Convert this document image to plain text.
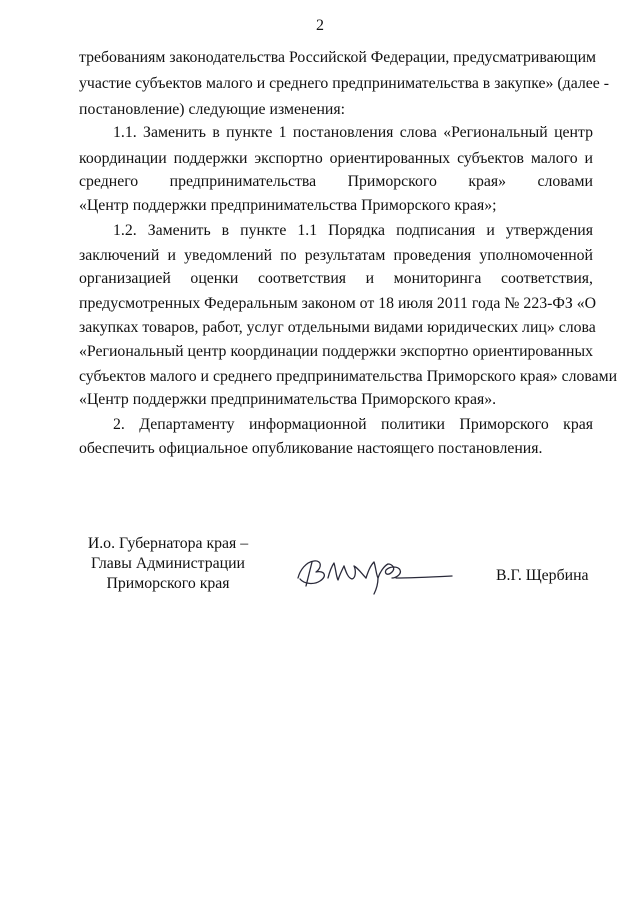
2
требованиям законодательства Российской Федерации, предусматривающим
участие субъектов малого и среднего предпринимательства в закупке» (далее -
постановление) следующие изменения:
1.1. Заменить в пункте 1 постановления слова «Региональный центр
координации поддержки экспортно ориентированных субъектов малого и
среднего предпринимательства Приморского края» словами
«Центр поддержки предпринимательства Приморского края»;
1.2. Заменить в пункте 1.1 Порядка подписания и утверждения
заключений и уведомлений по результатам проведения уполномоченной
организацией оценки соответствия и мониторинга соответствия,
предусмотренных Федеральным законом от 18 июля 2011 года № 223-ФЗ «О
закупках товаров, работ, услуг отдельными видами юридических лиц» слова
«Региональный центр координации поддержки экспортно ориентированных
субъектов малого и среднего предпринимательства Приморского края» словами
«Центр поддержки предпринимательства Приморского края».
2. Департаменту информационной политики Приморского края
обеспечить официальное опубликование настоящего постановления.
И.о. Губернатора края –
Главы Администрации
Приморского края	В.Г. Щербина
